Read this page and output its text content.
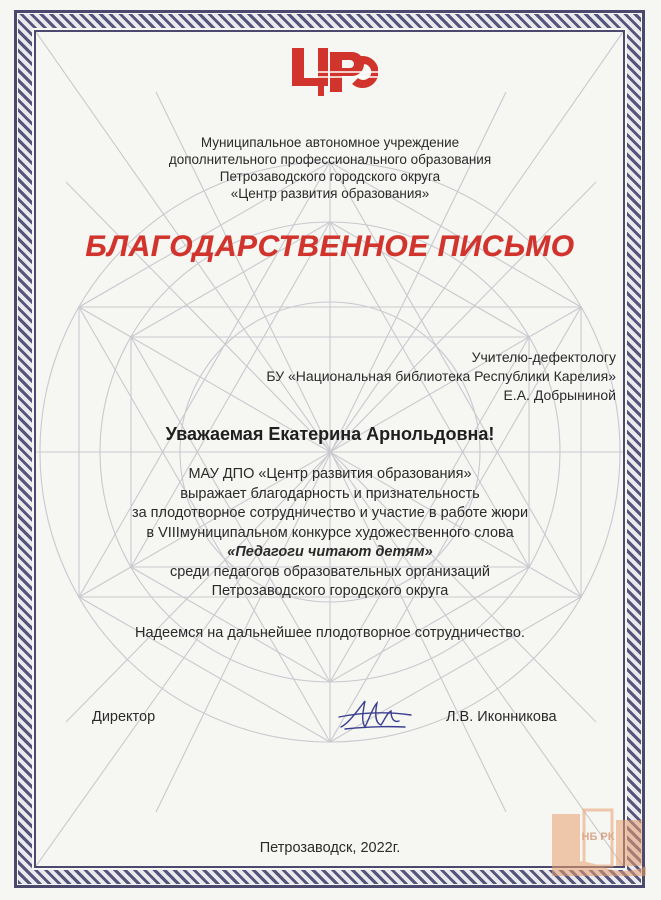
Муниципальное автономное учреждение
дополнительного профессионального образования
Петрозаводского городского округа
«Центр развития образования»
БЛАГОДАРСТВЕННОЕ ПИСЬМО
Учителю-дефектологу
БУ «Национальная библиотека Республики Карелия»
Е.А. Добрыниной
Уважаемая Екатерина Арнольдовна!
МАУ ДПО «Центр развития образования»
выражает благодарность и признательность
за плодотворное сотрудничество и участие в работе жюри
в VIIIмуниципальном конкурсе художественного слова
«Педагоги читают детям»
среди педагогов образовательных организаций
Петрозаводского городского округа
Надеемся на дальнейшее плодотворное сотрудничество.
Директор	Л.В. Иконникова
Петрозаводск, 2022г.
НБ РК
